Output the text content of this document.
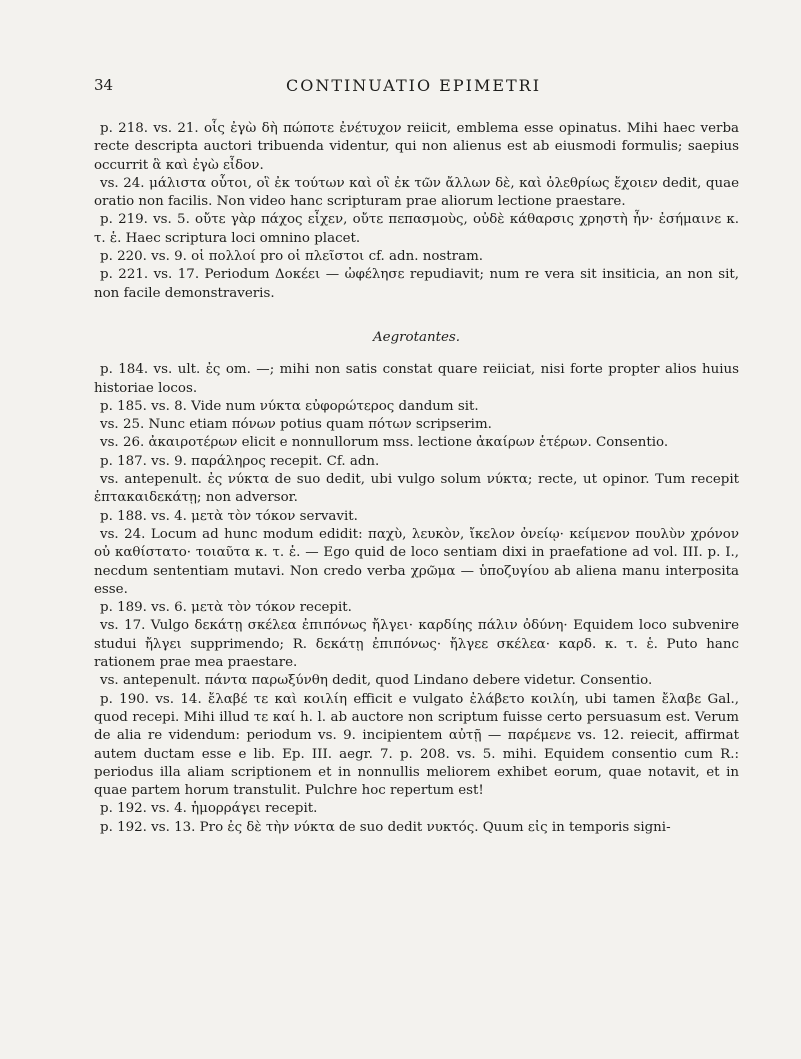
34	CONTINUATIO EPIMETRI

p. 218. vs. 21. οἷς ἐγὼ δὴ πώποτε ἐνέτυχον reiicit, emblema esse opinatus. Mihi haec verba recte descripta auctori tribuenda videntur, qui non alienus est ab eiusmodi formulis; saepius occurrit ἃ καὶ ἐγὼ εἶδον.

vs. 24. μάλιστα οὗτοι, οἳ ἐκ τούτων καὶ οἳ ἐκ τῶν ἄλλων δὲ, καὶ ὀλεθρίως ἔχοιεν dedit, quae oratio non facilis. Non video hanc scripturam prae aliorum lectione praestare.

p. 219. vs. 5. οὔτε γὰρ πάχος εἶχεν, οὔτε πεπασμοὺς, οὐδὲ κάθαρσις χρηστὴ ἦν· ἐσήμαινε κ. τ. ἑ. Haec scriptura loci omnino placet.

p. 220. vs. 9. οἱ πολλοί pro οἱ πλεῖστοι cf. adn. nostram.

p. 221. vs. 17. Periodum Δοκέει — ὠφέλησε repudiavit; num re vera sit insiticia, an non sit, non facile demonstraveris.

Aegrotantes.

p. 184. vs. ult. ἐς om. —; mihi non satis constat quare reiiciat, nisi forte propter alios huius historiae locos.

p. 185. vs. 8. Vide num νύκτα εὐφορώτερος dandum sit.

vs. 25. Nunc etiam πόνων potius quam πότων scripserim.

vs. 26. ἀκαιροτέρων elicit e nonnullorum mss. lectione ἀκαίρων ἑτέρων. Consentio.

p. 187. vs. 9. παράληρος recepit. Cf. adn.

vs. antepenult. ἐς νύκτα de suo dedit, ubi vulgo solum νύκτα; recte, ut opinor. Tum recepit ἑπτακαιδεκάτῃ; non adversor.

p. 188. vs. 4. μετὰ τὸν τόκον servavit.

vs. 24. Locum ad hunc modum edidit: παχὺ, λευκὸν, ἴκελον ὀνείῳ· κείμενον πουλὺν χρόνον οὐ καθίστατο· τοιαῦτα κ. τ. ἑ. — Ego quid de loco sentiam dixi in praefatione ad vol. III. p. I., necdum sententiam mutavi. Non credo verba χρῶμα — ὑποζυγίου ab aliena manu interposita esse.

p. 189. vs. 6. μετὰ τὸν τόκον recepit.

vs. 17. Vulgo δεκάτῃ σκέλεα ἐπιπόνως ἤλγει· καρδίης πάλιν ὀδύνη· Equidem loco subvenire studui ἤλγει supprimendo; R. δεκάτῃ ἐπιπόνως· ἤλγεε σκέλεα· καρδ. κ. τ. ἑ. Puto hanc rationem prae mea praestare.

vs. antepenult. πάντα παρωξύνθη dedit, quod Lindano debere videtur. Consentio.

p. 190. vs. 14. ἔλαβέ τε καὶ κοιλίη efficit e vulgato ἐλάβετο κοιλίη, ubi tamen ἔλαβε Gal., quod recepi. Mihi illud τε καί h. l. ab auctore non scriptum fuisse certo persuasum est. Verum de alia re videndum: periodum vs. 9. incipientem αὐτῇ — παρέμενε vs. 12. reiecit, affirmat autem ductam esse e lib. Ep. III. aegr. 7. p. 208. vs. 5. mihi. Equidem consentio cum R.: periodus illa aliam scriptionem et in nonnullis meliorem exhibet eorum, quae notavit, et in quae partem horum transtulit. Pulchre hoc repertum est!

p. 192. vs. 4. ἡμορράγει recepit.

p. 192. vs. 13. Pro ἐς δὲ τὴν νύκτα de suo dedit νυκτός. Quum εἰς in temporis signi-
